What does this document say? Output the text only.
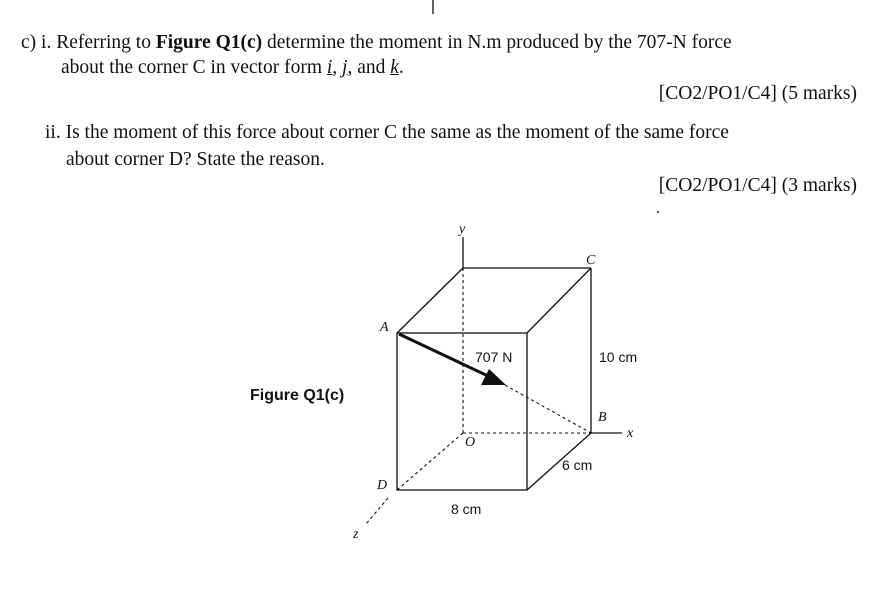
c) i. Referring to Figure Q1(c) determine the moment in N.m produced by the 707-N force
about the corner C in vector form i, j, and k.
[CO2/PO1/C4] (5 marks)
ii. Is the moment of this force about corner C the same as the moment of the same force
about corner D? State the reason.
[CO2/PO1/C4] (3 marks)
Figure Q1(c)
y
C
A
B
x
O
D
z
707 N	10 cm
6 cm
8 cm
